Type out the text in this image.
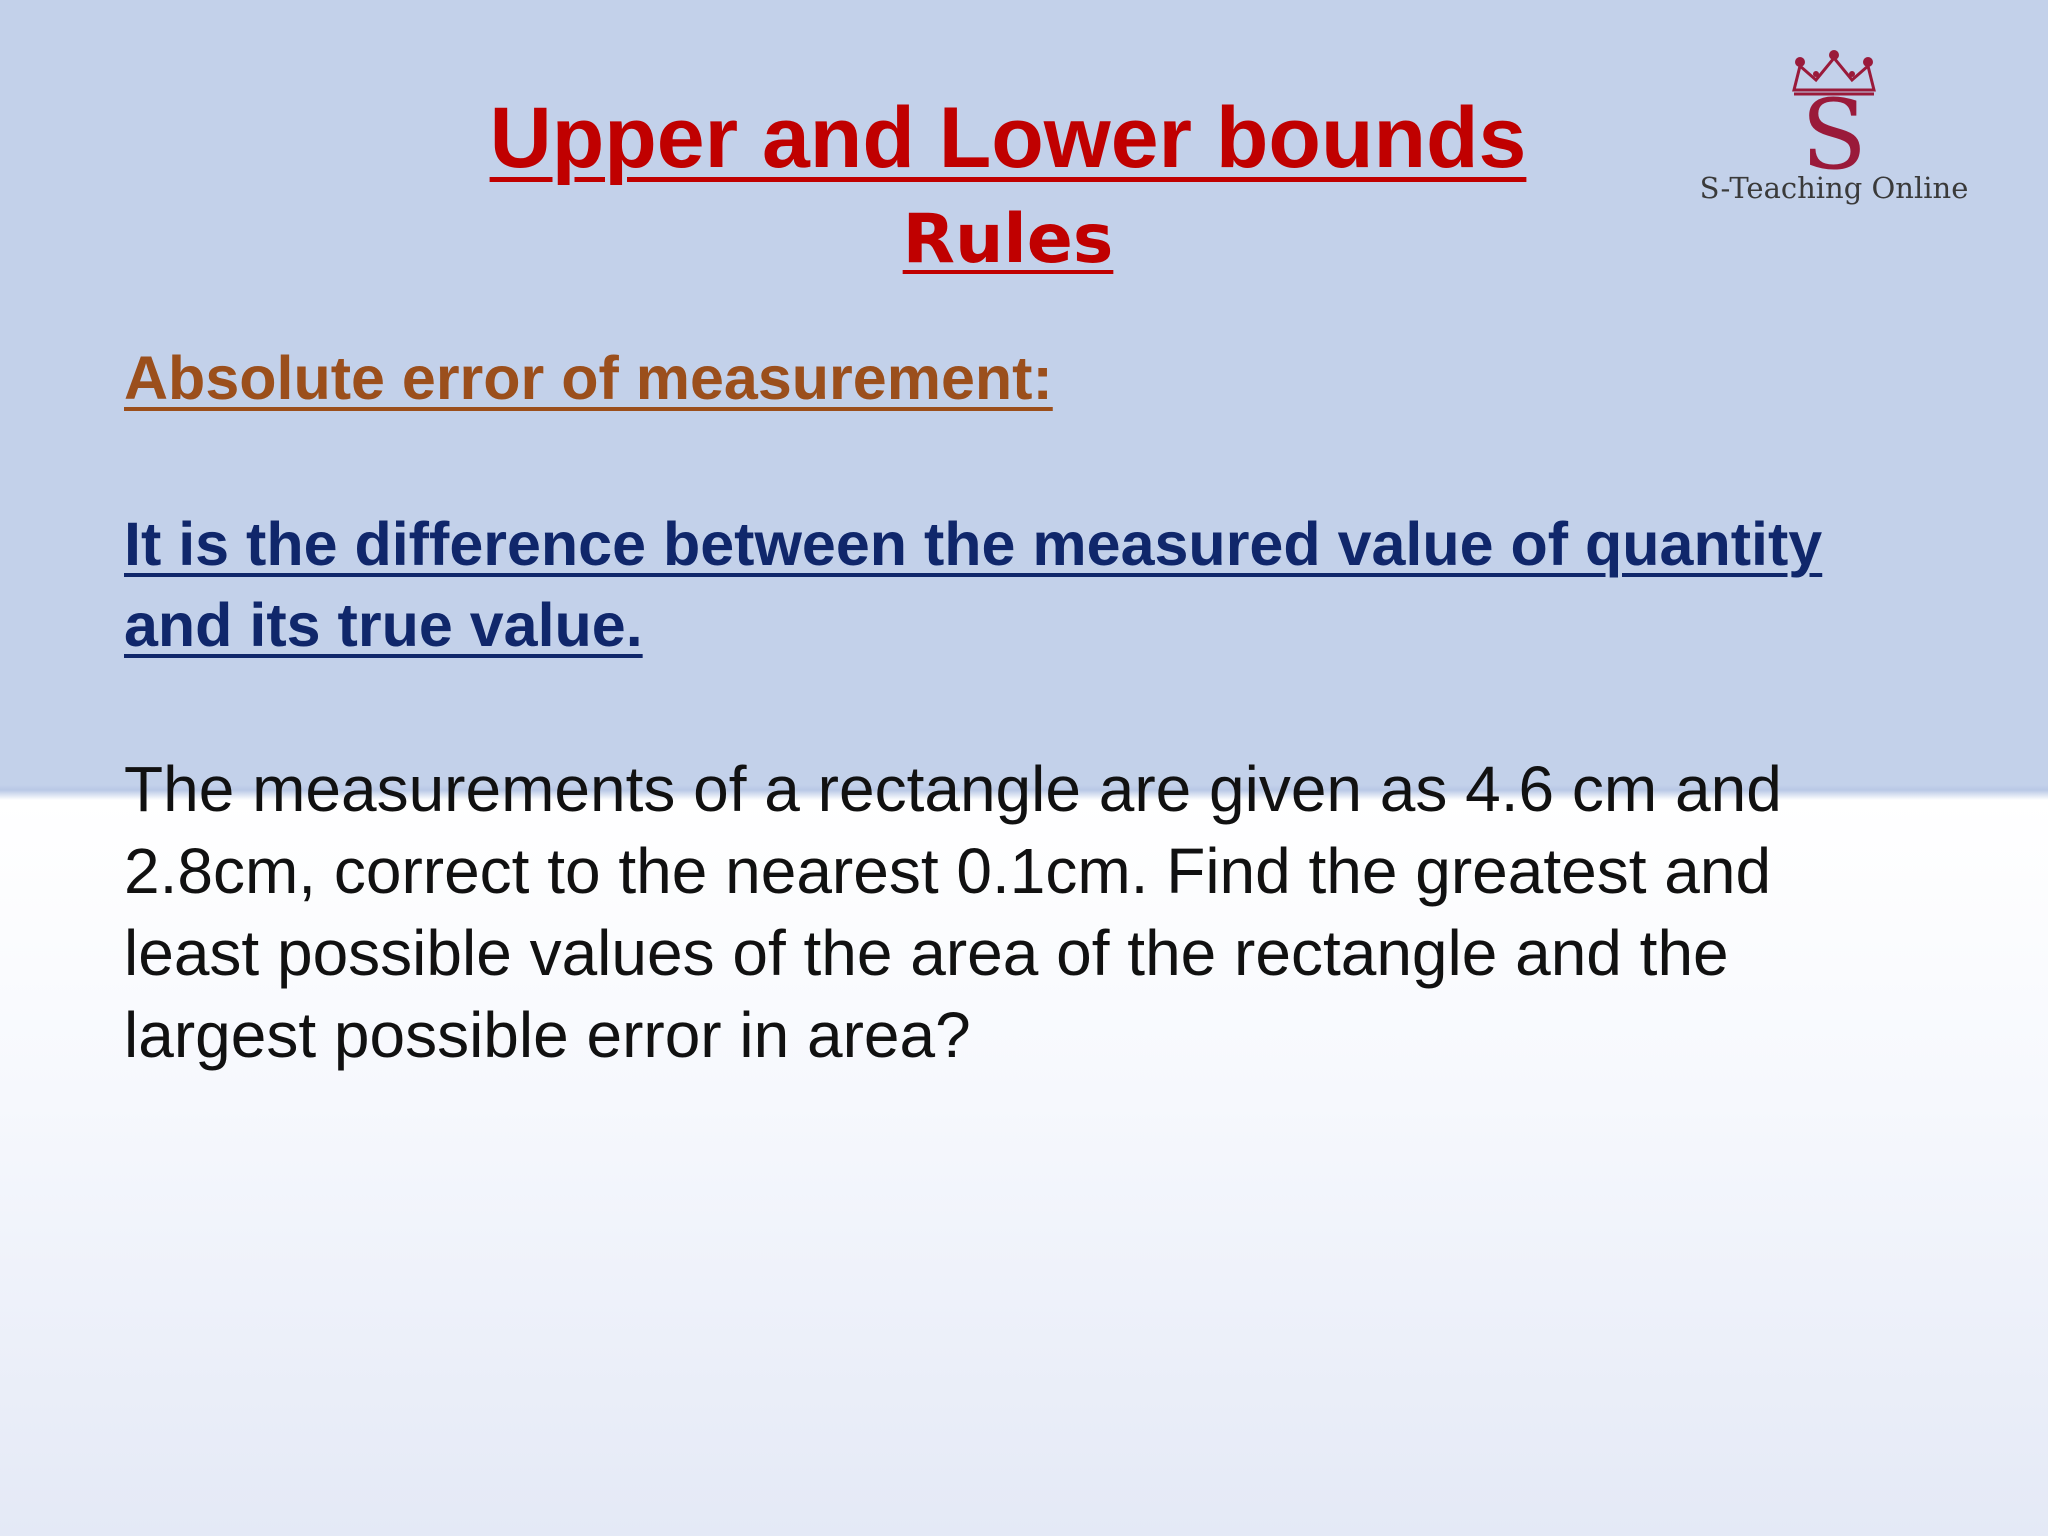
Upper and Lower bounds
Rules
S
S-Teaching Online

Absolute error of measurement:

It is the difference between the measured value of quantity and its true value.

The measurements of a rectangle are given as 4.6 cm and 2.8cm, correct to the nearest 0.1cm. Find the greatest and least possible values of the area of the rectangle and the largest possible error in area?
